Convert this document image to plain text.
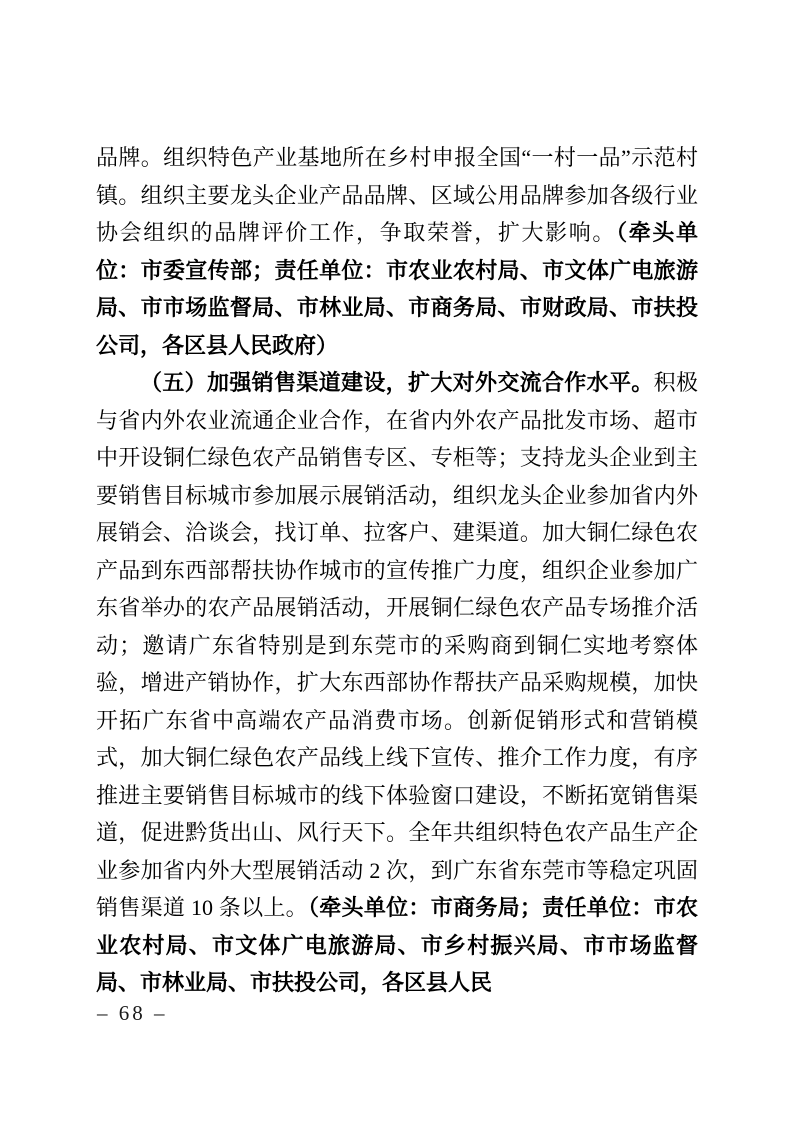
品牌。组织特色产业基地所在乡村申报全国“一村一品”示范村镇。组织主要龙头企业产品品牌、区域公用品牌参加各级行业协会组织的品牌评价工作，争取荣誉，扩大影响。（牵头单位：市委宣传部；责任单位：市农业农村局、市文体广电旅游局、市市场监督局、市林业局、市商务局、市财政局、市扶投公司，各区县人民政府）

（五）加强销售渠道建设，扩大对外交流合作水平。积极与省内外农业流通企业合作，在省内外农产品批发市场、超市中开设铜仁绿色农产品销售专区、专柜等；支持龙头企业到主要销售目标城市参加展示展销活动，组织龙头企业参加省内外展销会、洽谈会，找订单、拉客户、建渠道。加大铜仁绿色农产品到东西部帮扶协作城市的宣传推广力度，组织企业参加广东省举办的农产品展销活动，开展铜仁绿色农产品专场推介活动；邀请广东省特别是到东莞市的采购商到铜仁实地考察体验，增进产销协作，扩大东西部协作帮扶产品采购规模，加快开拓广东省中高端农产品消费市场。创新促销形式和营销模式，加大铜仁绿色农产品线上线下宣传、推介工作力度，有序推进主要销售目标城市的线下体验窗口建设，不断拓宽销售渠道，促进黔货出山、风行天下。全年共组织特色农产品生产企业参加省内外大型展销活动 2 次，到广东省东莞市等稳定巩固销售渠道 10 条以上。（牵头单位：市商务局；责任单位：市农业农村局、市文体广电旅游局、市乡村振兴局、市市场监督局、市林业局、市扶投公司，各区县人民

– 68 –
